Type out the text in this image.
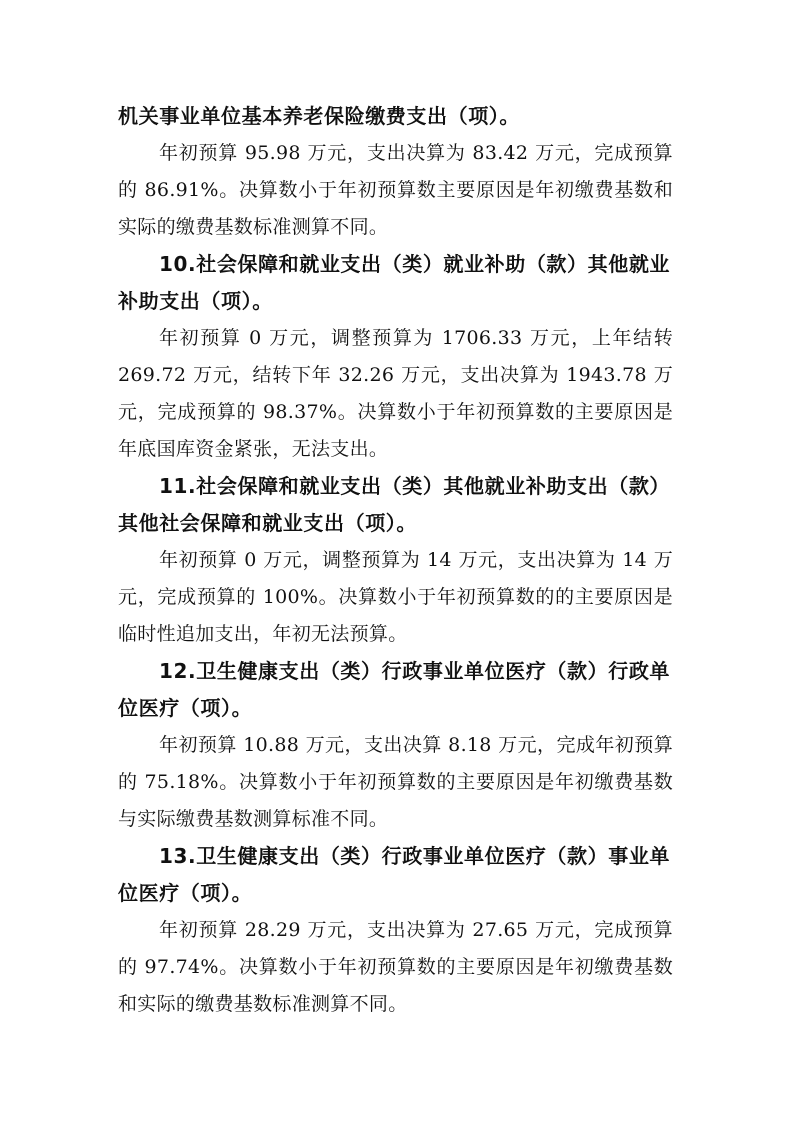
机关事业单位基本养老保险缴费支出（项）。

年初预算 95.98 万元，支出决算为 83.42 万元，完成预算的 86.91%。决算数小于年初预算数主要原因是年初缴费基数和实际的缴费基数标准测算不同。

10.社会保障和就业支出（类）就业补助（款）其他就业补助支出（项）。

年初预算 0 万元，调整预算为 1706.33 万元，上年结转 269.72 万元，结转下年 32.26 万元，支出决算为 1943.78 万元，完成预算的 98.37%。决算数小于年初预算数的主要原因是年底国库资金紧张，无法支出。

11.社会保障和就业支出（类）其他就业补助支出（款）其他社会保障和就业支出（项）。

年初预算 0 万元，调整预算为 14 万元，支出决算为 14 万元，完成预算的 100%。决算数小于年初预算数的的主要原因是临时性追加支出，年初无法预算。

12.卫生健康支出（类）行政事业单位医疗（款）行政单位医疗（项）。

年初预算 10.88 万元，支出决算 8.18 万元，完成年初预算的 75.18%。决算数小于年初预算数的主要原因是年初缴费基数与实际缴费基数测算标准不同。

13.卫生健康支出（类）行政事业单位医疗（款）事业单位医疗（项）。

年初预算 28.29 万元，支出决算为 27.65 万元，完成预算的 97.74%。决算数小于年初预算数的主要原因是年初缴费基数和实际的缴费基数标准测算不同。
